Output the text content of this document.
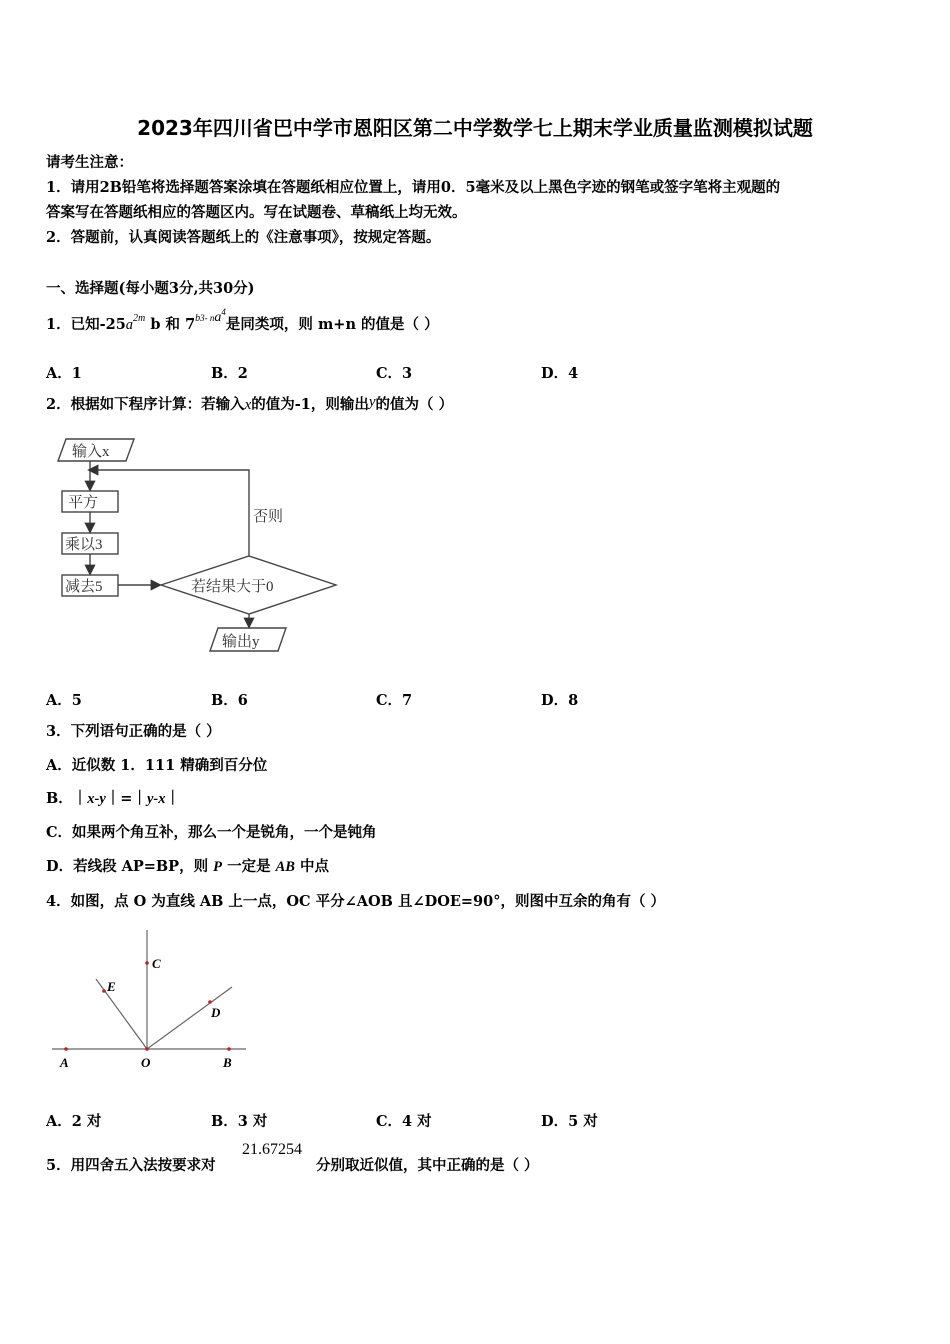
2023年四川省巴中学市恩阳区第二中学数学七上期末学业质量监测模拟试题
请考生注意：
1．请用2B铅笔将选择题答案涂填在答题纸相应位置上，请用0．5毫米及以上黑色字迹的钢笔或签字笔将主观题的
答案写在答题纸相应的答题区内。写在试题卷、草稿纸上均无效。
2．答题前，认真阅读答题纸上的《注意事项》，按规定答题。
一、选择题(每小题3分,共30分)
1．已知$-25a^{2m}$ b 和 $7^{b3- na4}$是同类项，则 m+n 的值是（ ）
A．1	B．2	C．3	D．4
2．根据如下程序计算：若输入x的值为-1，则输出y的值为（ ）
输入x
平方
乘以3
减去5	若结果大于0
否则
输出y
A．5	B．6	C．7	D．8
3．下列语句正确的是（ ）
A．近似数 1．111 精确到百分位
B．｜x-y｜=｜y-x｜
C．如果两个角互补，那么一个是锐角，一个是钝角
D．若线段 AP=BP，则 P 一定是 AB 中点
4．如图，点 O 为直线 AB 上一点，OC 平分∠AOB 且∠DOE=90°，则图中互余的角有（ ）
A	O	B
C
D
E
A．2 对	B．3 对	C．4 对	D．5 对
5．用四舍五入法按要求对
21.67254
分别取近似值，其中正确的是（ ）
